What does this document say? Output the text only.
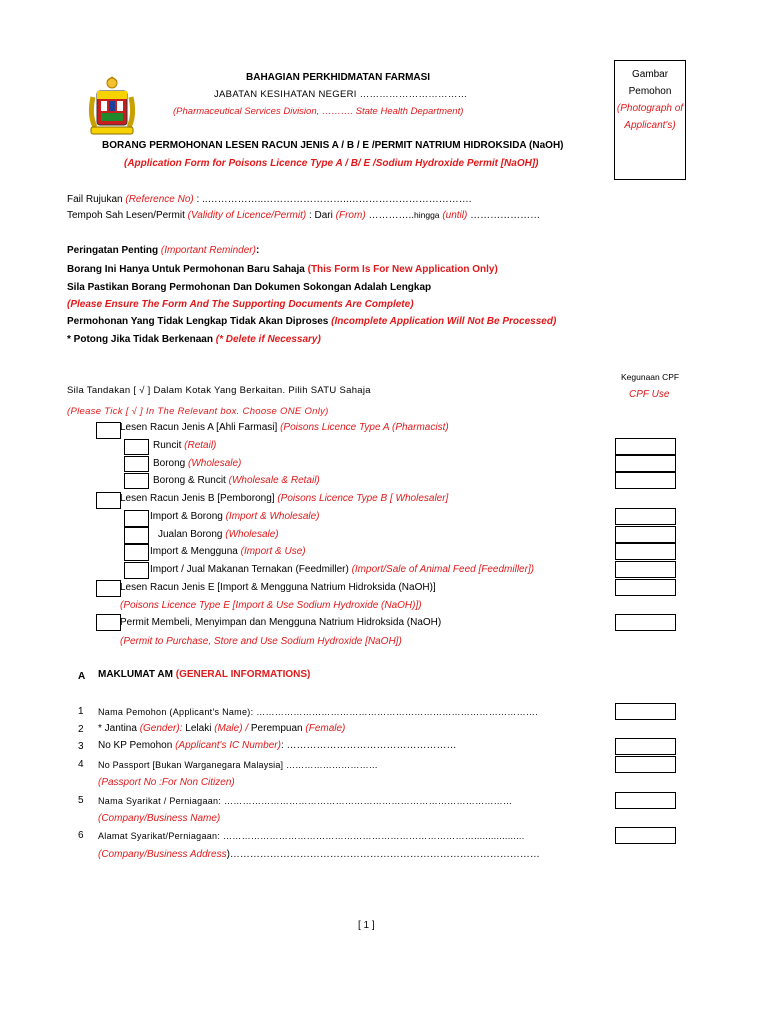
BAHAGIAN PERKHIDMATAN FARMASI
JABATAN KESIHATAN NEGERI ……………………………
(Pharmaceutical Services Division, ………. State Health Department)
BORANG PERMOHONAN LESEN RACUN JENIS A / B / E /PERMIT NATRIUM HIDROKSIDA (NaOH)
(Application Form for Poisons Licence Type A / B/ E /Sodium Hydroxide Permit [NaOH])
Gambar
Pemohon
(Photograph of
Applicant's)
Fail Rujukan (Reference No) : ..……………..……………………..……………………………….
Tempoh Sah Lesen/Permit (Validity of Licence/Permit) : Dari (From) …………..hingga (until) …………………
Peringatan Penting (Important Reminder):
Borang Ini Hanya Untuk Permohonan Baru Sahaja (This Form Is For New Application Only)
Sila Pastikan Borang Permohonan Dan Dokumen Sokongan Adalah Lengkap
(Please Ensure The Form And The Supporting Documents Are Complete)
Permohonan Yang Tidak Lengkap Tidak Akan Diproses (Incomplete Application Will Not Be Processed)
* Potong Jika Tidak Berkenaan (* Delete if Necessary)
Kegunaan CPF
CPF Use
Sila Tandakan [ √ ] Dalam Kotak Yang Berkaitan. Pilih SATU Sahaja
(Please Tick [ √ ] In The Relevant box. Choose ONE Only)
Lesen Racun Jenis A [Ahli Farmasi] (Poisons Licence Type A (Pharmacist)
Runcit (Retail)
Borong (Wholesale)
Borong & Runcit (Wholesale & Retail)
Lesen Racun Jenis B [Pemborong] (Poisons Licence Type B [ Wholesaler]
Import & Borong (Import & Wholesale)
Jualan Borong (Wholesale)
Import & Mengguna (Import & Use)
Import / Jual Makanan Ternakan (Feedmiller) (Import/Sale of Animal Feed [Feedmiller])
Lesen Racun Jenis E [Import & Mengguna Natrium Hidroksida (NaOH)]
(Poisons Licence Type E [Import & Use Sodium Hydroxide (NaOH)])
Permit Membeli, Menyimpan dan Mengguna Natrium Hidroksida (NaOH)
(Permit to Purchase, Store and Use Sodium Hydroxide [NaOH])
A MAKLUMAT AM (GENERAL INFORMATIONS)
1 Nama Pemohon (Applicant's Name): ……………………………………………………………………………….
2 * Jantina (Gender): Lelaki (Male) / Perempuan (Female)
3 No KP Pemohon (Applicant's IC Number): ……………………………………………
4 No Passport [Bukan Warganegara Malaysia] …………………………
(Passport No :For Non Citizen)
5 Nama Syarikat / Perniagaan: …………………………………………………………………………………
(Company/Business Name)
6 Alamat Syarikat/Perniagaan: ………………………………………………………………………..................
(Company/Business Address)…………………………………………………………………………………
[ 1 ]
